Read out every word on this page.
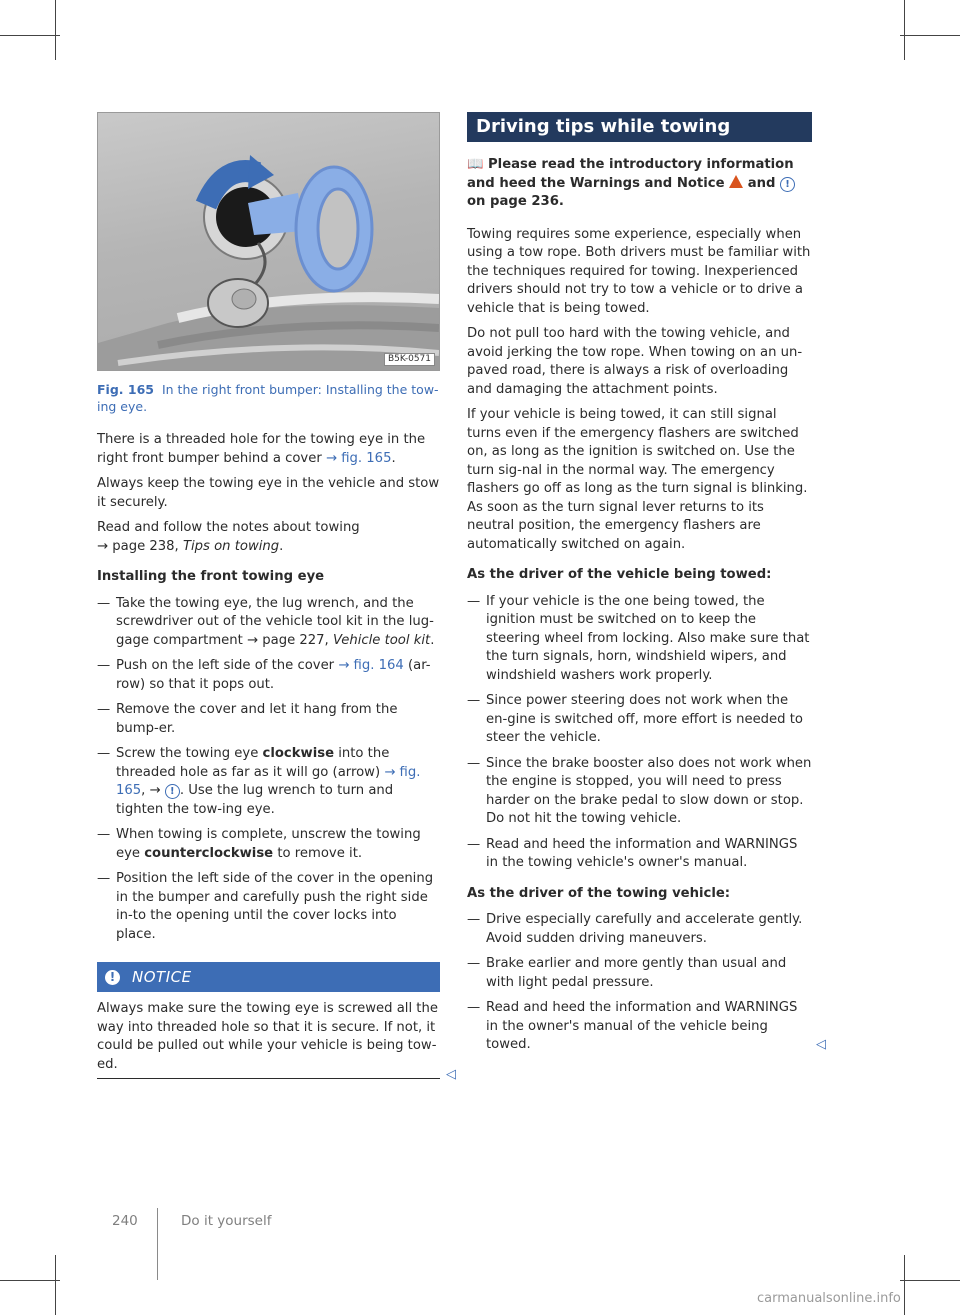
B5K-0571
Fig. 165 In the right front bumper: Installing the tow-ing eye.

There is a threaded hole for the towing eye in the right front bumper behind a cover → fig. 165.

Always keep the towing eye in the vehicle and stow it securely.

Read and follow the notes about towing
→ page 238, Tips on towing.

Installing the front towing eye
— Take the towing eye, the lug wrench, and the screwdriver out of the vehicle tool kit in the lug-gage compartment → page 227, Vehicle tool kit.
— Push on the left side of the cover → fig. 164 (ar-row) so that it pops out.
— Remove the cover and let it hang from the bump-er.
— Screw the towing eye clockwise into the threaded hole as far as it will go (arrow) → fig. 165, → ! . Use the lug wrench to turn and tighten the tow-ing eye.
— When towing is complete, unscrew the towing eye counterclockwise to remove it.
— Position the left side of the cover in the opening in the bumper and carefully push the right side in-to the opening until the cover locks into place.
!	NOTICE
Always make sure the towing eye is screwed all the way into threaded hole so that it is secure. If not, it could be pulled out while your vehicle is being tow-ed.
◁
Driving tips while towing

📖 Please read the introductory information and heed the Warnings and Notice and ! on page 236.

Towing requires some experience, especially when using a tow rope. Both drivers must be familiar with the techniques required for towing. Inexperienced drivers should not try to tow a vehicle or to drive a vehicle that is being towed.

Do not pull too hard with the towing vehicle, and avoid jerking the tow rope. When towing on an un-paved road, there is always a risk of overloading and damaging the attachment points.

If your vehicle is being towed, it can still signal turns even if the emergency flashers are switched on, as long as the ignition is switched on. Use the turn sig-nal in the normal way. The emergency flashers go off as long as the turn signal is blinking. As soon as the turn signal lever returns to its neutral position, the emergency flashers are automatically switched on again.

As the driver of the vehicle being towed:
— If your vehicle is the one being towed, the ignition must be switched on to keep the steering wheel from locking. Also make sure that the turn signals, horn, windshield wipers, and windshield washers work properly.
— Since power steering does not work when the en-gine is switched off, more effort is needed to steer the vehicle.
— Since the brake booster also does not work when the engine is stopped, you will need to press harder on the brake pedal to slow down or stop. Do not hit the towing vehicle.
— Read and heed the information and WARNINGS in the towing vehicle's owner's manual.
As the driver of the towing vehicle:
— Drive especially carefully and accelerate gently. Avoid sudden driving maneuvers.
— Brake earlier and more gently than usual and with light pedal pressure.
— Read and heed the information and WARNINGS in the owner's manual of the vehicle being towed.	◁
240	Do it yourself
carmanualsonline.info
